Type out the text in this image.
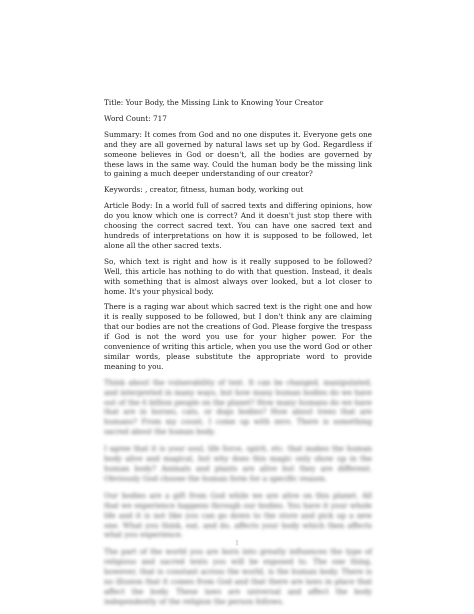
Title: Your Body, the Missing Link to Knowing Your Creator

Word Count: 717

Summary: It comes from God and no one disputes it. Everyone gets one and they are all governed by natural laws set up by God. Regardless if someone believes in God or doesn't, all the bodies are governed by these laws in the same way. Could the human body be the missing link to gaining a much deeper understanding of our creator?

Keywords: , creator, fitness, human body, working out

Article Body: In a world full of sacred texts and differing opinions, how do you know which one is correct? And it doesn't just stop there with choosing the correct sacred text. You can have one sacred text and hundreds of interpretations on how it is supposed to be followed, let alone all the other sacred texts.

So, which text is right and how is it really supposed to be followed? Well, this article has nothing to do with that question. Instead, it deals with something that is almost always over looked, but a lot closer to home. It's your physical body.

There is a raging war about which sacred text is the right one and how it is really supposed to be followed, but I don't think any are claiming that our bodies are not the creations of God. Please forgive the trespass if God is not the word you use for your higher power. For the convenience of writing this article, when you use the word God or other similar words, please substitute the appropriate word to provide meaning to you.

Think about the vulnerability of text. It can be changed, manipulated, and interpreted in many ways, but how many human bodies do we have out of the 6 billion people on the planet? How many humans do we have that are in horses, cats, or dogs bodies? How about trees that are humans? From my count, I come up with zero. There is something sacred about the human body.

I agree that it is your soul, life force, spirit, etc. that makes the human body alive and magical, but why does this magic only show up in the human body? Animals and plants are alive but they are different. Obviously God choose the human form for a specific reason.

Our bodies are a gift from God while we are alive on this planet. All that we experience happens through our bodies. You have it your whole life and it is not like you can go down to the store and pick up a new one. What you think, eat, and do, affects your body which then affects what you experience.

The part of the world you are born into greatly influences the type of religious and sacred texts you will be exposed to. The one thing, however, that is constant across the world, is the human body. There is no illusion that it comes from God and that there are laws in place that affect the body. These laws are universal and affect the body independently of the religion the person follows.

1
